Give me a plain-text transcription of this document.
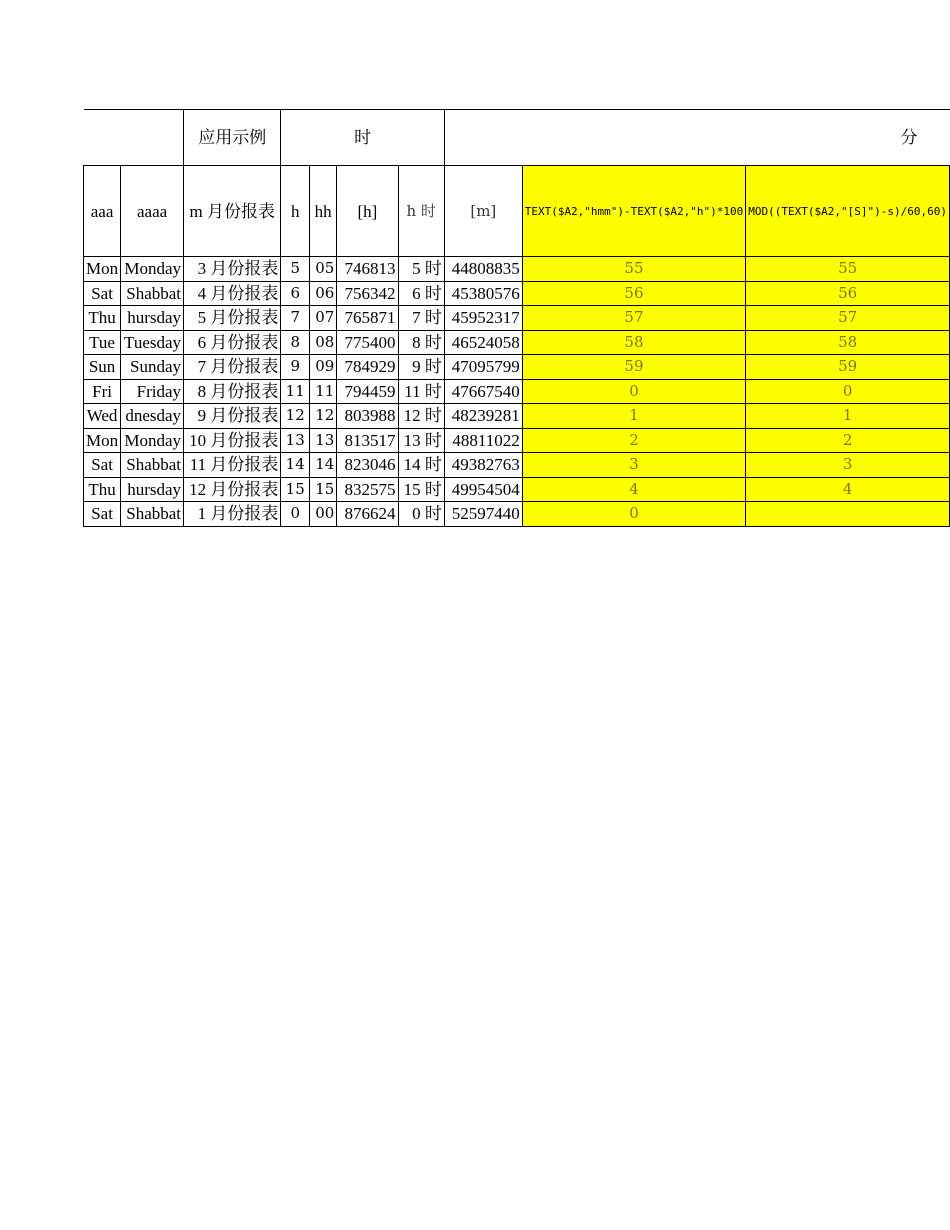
		应用示例	时				分		
aaa	aaaa	m 月份报表	h	hh	[h]	h 时	[m]	TEXT($A2,"hmm")-TEXT($A2,"h")*100	MOD((TEXT($A2,"[S]")-s)/60,60)
Mon	Monday	3 月份报表	5	05	746813	5 时	44808835	55	55
Sat	Shabbat	4 月份报表	6	06	756342	6 时	45380576	56	56
Thu	hursday	5 月份报表	7	07	765871	7 时	45952317	57	57
Tue	Tuesday	6 月份报表	8	08	775400	8 时	46524058	58	58
Sun	Sunday	7 月份报表	9	09	784929	9 时	47095799	59	59
Fri	Friday	8 月份报表	11	11	794459	11 时	47667540	0	0
Wed	dnesday	9 月份报表	12	12	803988	12 时	48239281	1	1
Mon	Monday	10 月份报表	13	13	813517	13 时	48811022	2	2
Sat	Shabbat	11 月份报表	14	14	823046	14 时	49382763	3	3
Thu	hursday	12 月份报表	15	15	832575	15 时	49954504	4	4
Sat	Shabbat	1 月份报表	0	00	876624	0 时	52597440	0	
